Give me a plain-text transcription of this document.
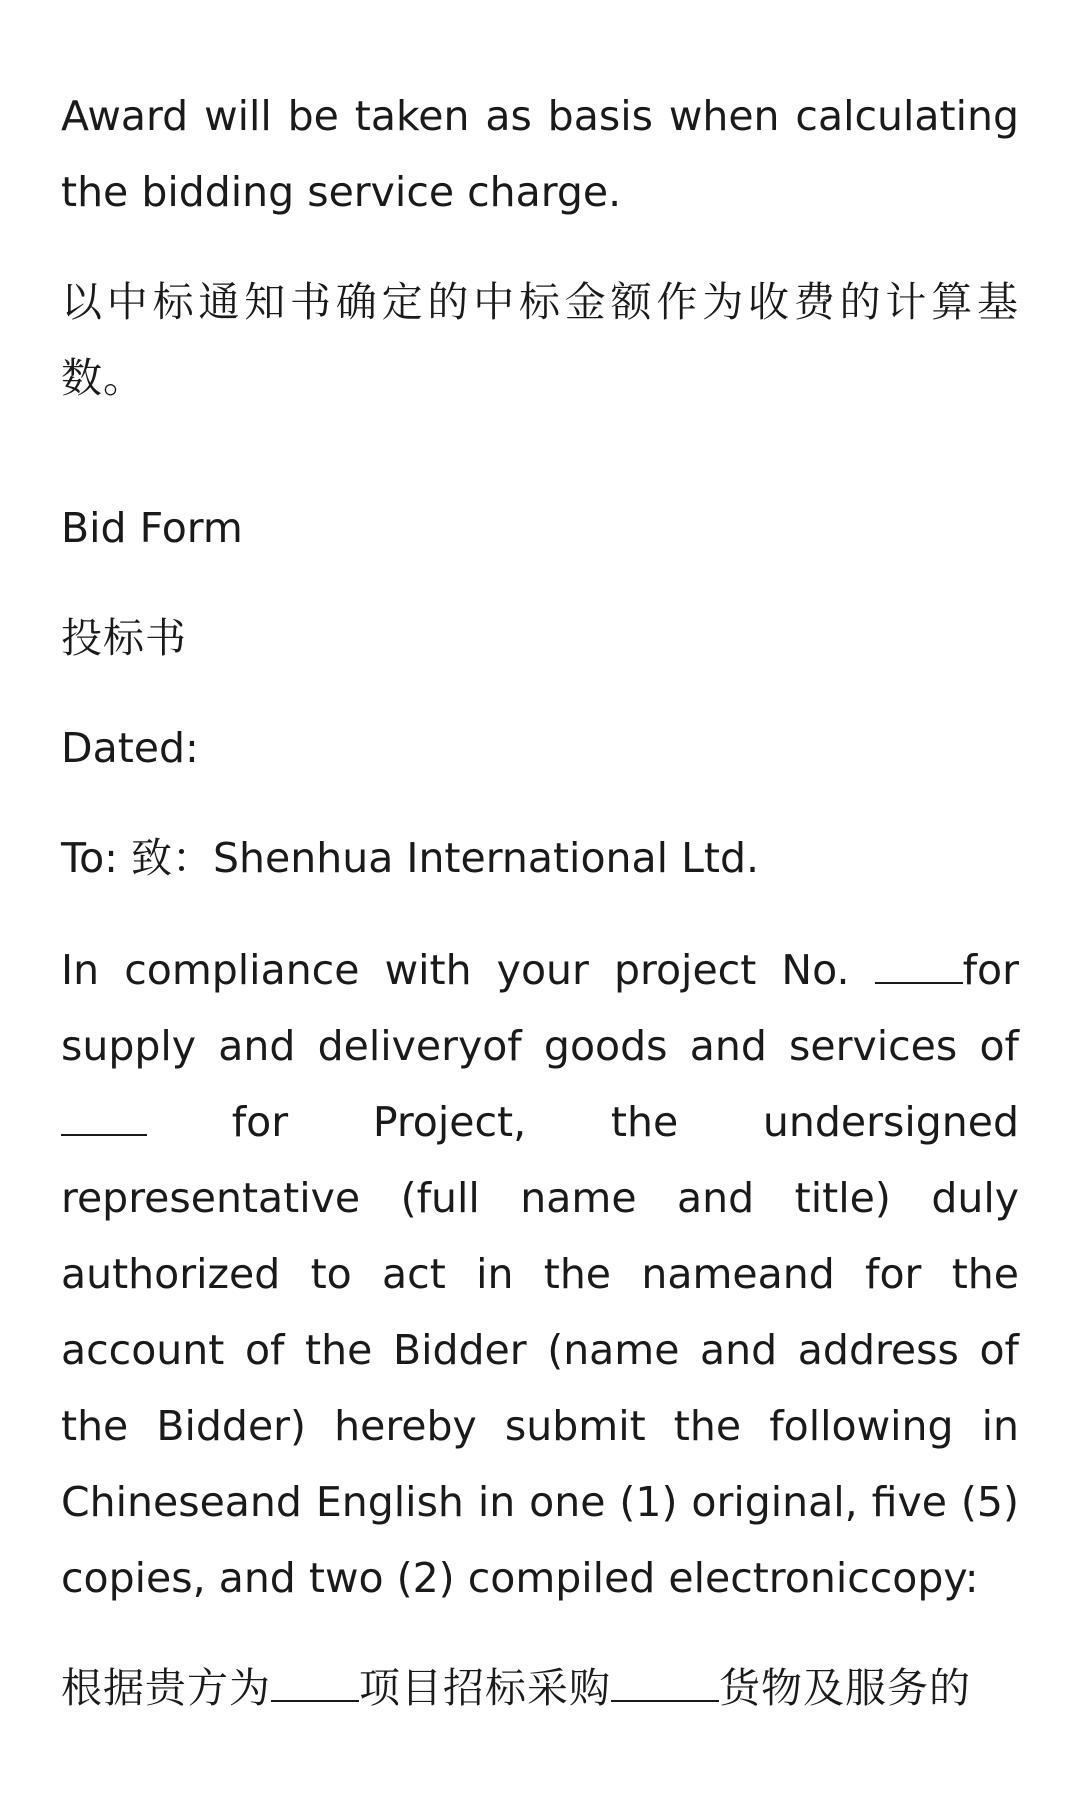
Award will be taken as basis when calculating the bidding service charge.

以中标通知书确定的中标金额作为收费的计算基数。

Bid Form

投标书

Dated:

To: 致：Shenhua International Ltd.

In compliance with your project No. for supply and deliveryof goods and services of for Project, the undersigned representative (full name and title) duly authorized to act in the nameand for the account of the Bidder (name and address of the Bidder) hereby submit the following in Chineseand English in one (1) original, five (5) copies, and two (2) compiled electroniccopy:

根据贵方为 项目招标采购	货物及服务的
